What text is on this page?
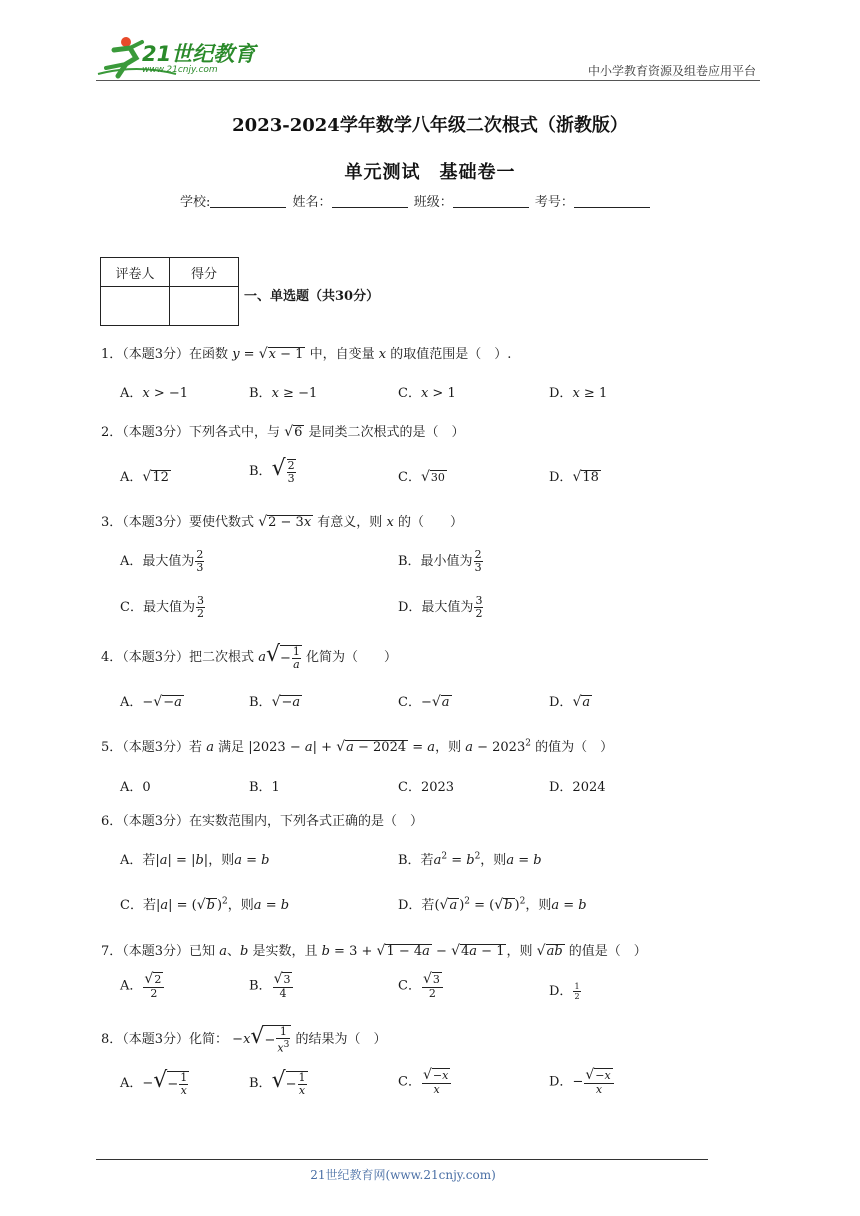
21世纪教育
www.21cnjy.com	中小学教育资源及组卷应用平台
2023-2024学年数学八年级二次根式（浙教版）
单元测试　基础卷一
学校:	姓名：	班级：	考号：
评卷人	得分

一、单选题（共30分）
1．（本题3分）在函数 y = √x − 1 中，自变量 x 的取值范围是（　）.
A．x > −1	B．x ≥ −1	C．x > 1	D．x ≥ 1
2．（本题3分）下列各式中，与 √6 是同类二次根式的是（　）
A．√12	B．√ $\frac{2}{3}$	C．√30	D．√18
3．（本题3分）要使代数式 √2 − 3x 有意义，则 x 的（　　）
A．最大值为 $\frac{2}{3}$	B．最小值为 $\frac{2}{3}$
C．最大值为 $\frac{3}{2}$	D．最大值为 $\frac{3}{2}$
4．（本题3分）把二次根式 $a√- \frac{1}{a}$ 化简为（　　）
A．−√−a	B．√−a	C．−√a	D．√a
5．（本题3分）若 a 满足 |2023 − a| + √a − 2024 = a，则 $a - 2023^2$ 的值为（　）
A．0	B．1	C．2023	D．2024
6．（本题3分）在实数范围内，下列各式正确的是（　）
A．若|a| = |b|，则a = b	B．若$a^2 = b^2$，则a = b
C．若|a| = (√b )$^2$，则a = b	D．若(√a )$^2$ = (√b )$^2$，则a = b
7．（本题3分）已知 a、b 是实数，且 b = 3 + √1 − 4a − √4a − 1 ，则 √ab 的值是（　）
A． $\frac{√2}{2}$	B． $\frac{√3}{4}$	C． $\frac{√3}{2}$	D． $\frac{1}{2}$
8．（本题3分）化简： $-x√- \frac{1}{x^3}$ 的结果为（　）
A．−√− $\frac{1}{x}$	B．√− $\frac{1}{x}$	C． $\frac{√-x}{x}$	D．− $\frac{√-x}{x}$
21世纪教育网(www.21cnjy.com)
